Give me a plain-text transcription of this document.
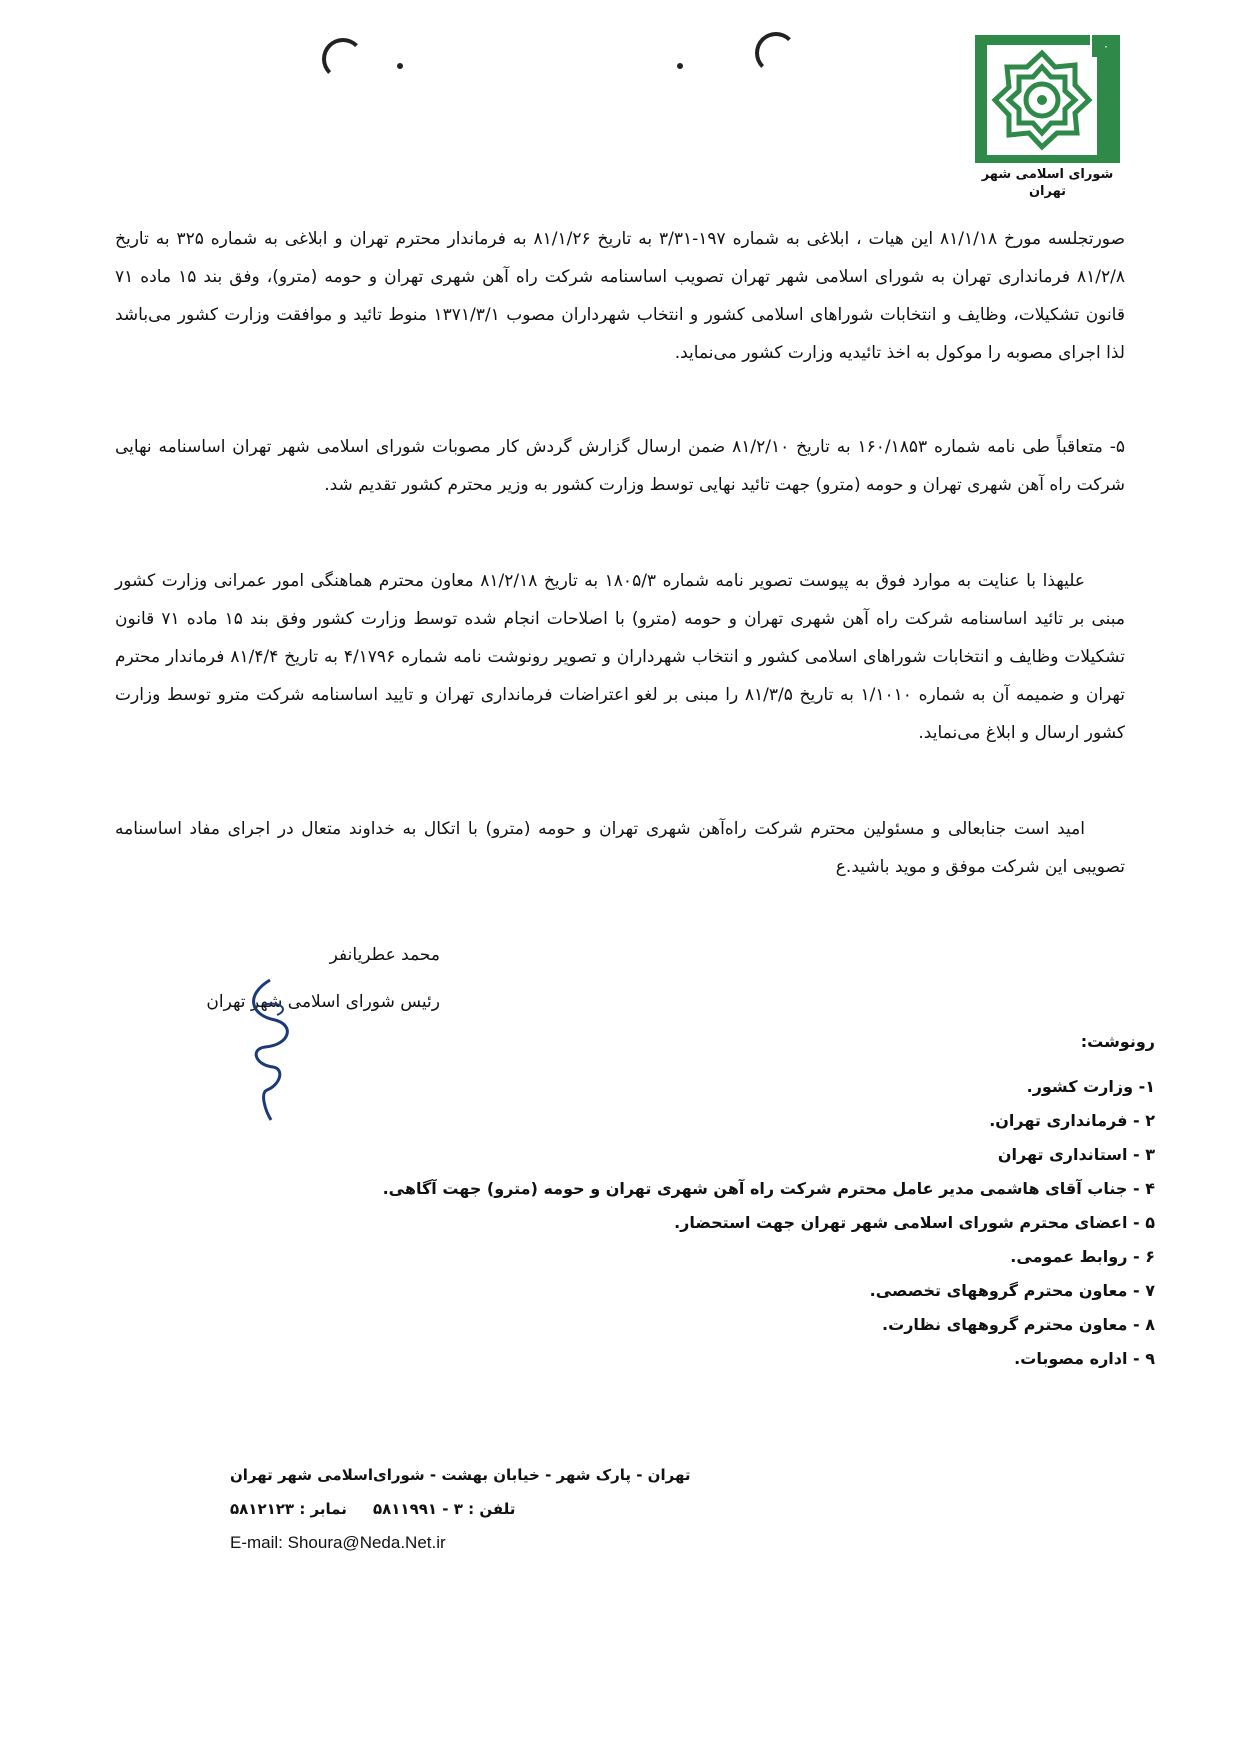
۰
شورای اسلامی شهر
تهران
صورتجلسه مورخ ۸۱/۱/۱۸ این هیات ، ابلاغی به شماره ۱۹۷-۳/۳۱ به تاریخ ۸۱/۱/۲۶ به فرماندار محترم تهران و ابلاغی به شماره ۳۲۵ به تاریخ ۸۱/۲/۸ فرمانداری تهران به شورای اسلامی شهر تهران تصویب اساسنامه شرکت راه آهن شهری تهران و حومه (مترو)، وفق بند ۱۵ ماده ۷۱ قانون تشکیلات، وظایف و انتخابات شوراهای اسلامی کشور و انتخاب شهرداران مصوب ۱۳۷۱/۳/۱ منوط تائید و موافقت وزارت کشور می‌باشد لذا اجرای مصوبه را موکول به اخذ تائیدیه وزارت کشور می‌نماید.
۵- متعاقباً طی نامه شماره ۱۶۰/۱۸۵۳ به تاریخ ۸۱/۲/۱۰ ضمن ارسال گزارش گردش کار مصوبات شورای اسلامی شهر تهران اساسنامه نهایی شرکت راه آهن شهری تهران و حومه (مترو) جهت تائید نهایی توسط وزارت کشور به وزیر محترم کشور تقدیم شد.
علیهذا با عنایت به موارد فوق به پیوست تصویر نامه شماره ۱۸۰۵/۳ به تاریخ ۸۱/۲/۱۸ معاون محترم هماهنگی امور عمرانی وزارت کشور مبنی بر تائید اساسنامه شرکت راه آهن شهری تهران و حومه (مترو) با اصلاحات انجام شده توسط وزارت کشور وفق بند ۱۵ ماده ۷۱ قانون تشکیلات وظایف و انتخابات شوراهای اسلامی کشور و انتخاب شهرداران و تصویر رونوشت نامه شماره ۴/۱۷۹۶ به تاریخ ۸۱/۴/۴ فرماندار محترم تهران و ضمیمه آن به شماره ۱/۱۰۱۰ به تاریخ ۸۱/۳/۵ را مبنی بر لغو اعتراضات فرمانداری تهران و تایید اساسنامه شرکت مترو توسط وزارت کشور ارسال و ابلاغ می‌نماید.
امید است جنابعالی و مسئولین محترم شرکت راه‌آهن شهری تهران و حومه (مترو) با اتکال به خداوند متعال در اجرای مفاد اساسنامه تصویبی این شرکت موفق و موید باشید.ع
محمد عطریانفر
رئیس شورای اسلامی شهر تهران
رونوشت:
۱- وزارت کشور.
۲ - فرمانداری تهران.
۳ - استانداری تهران
۴ - جناب آقای هاشمی مدیر عامل محترم شرکت راه آهن شهری تهران و حومه (مترو) جهت آگاهی.
۵ - اعضای محترم شورای اسلامی شهر تهران جهت استحضار.
۶ - روابط عمومی.
۷ - معاون محترم گروههای تخصصی.
۸ - معاون محترم گروههای نظارت.
۹ - اداره مصوبات.
تهران - پارک شهر - خیابان بهشت - شورای‌اسلامی شهر تهران
تلفن : ۳ - ۵۸۱۱۹۹۱     نمابر : ۵۸۱۲۱۲۳
E-mail: Shoura@Neda.Net.ir
